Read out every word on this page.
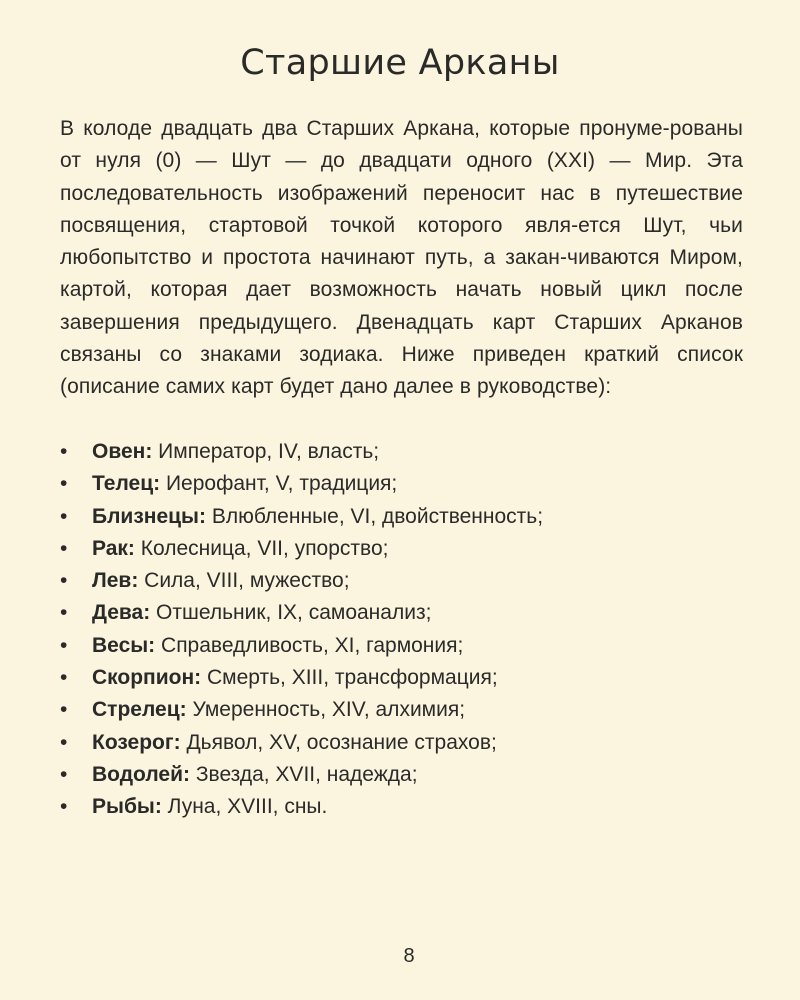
Старшие Арканы

В колоде двадцать два Старших Аркана, которые пронуме-рованы от нуля (0) — Шут — до двадцати одного (XXI) — Мир. Эта последовательность изображений переносит нас в путешествие посвящения, стартовой точкой которого явля-ется Шут, чьи любопытство и простота начинают путь, а закан-чиваются Миром, картой, которая дает возможность начать новый цикл после завершения предыдущего. Двенадцать карт Старших Арканов связаны со знаками зодиака. Ниже приведен краткий список (описание самих карт будет дано далее в руководстве):

• Овен: Император, IV, власть;
• Телец: Иерофант, V, традиция;
• Близнецы: Влюбленные, VI, двойственность;
• Рак: Колесница, VII, упорство;
• Лев: Сила, VIII, мужество;
• Дева: Отшельник, IX, самоанализ;
• Весы: Справедливость, XI, гармония;
• Скорпион: Смерть, XIII, трансформация;
• Стрелец: Умеренность, XIV, алхимия;
• Козерог: Дьявол, XV, осознание страхов;
• Водолей: Звезда, XVII, надежда;
• Рыбы: Луна, XVIII, сны.
8
